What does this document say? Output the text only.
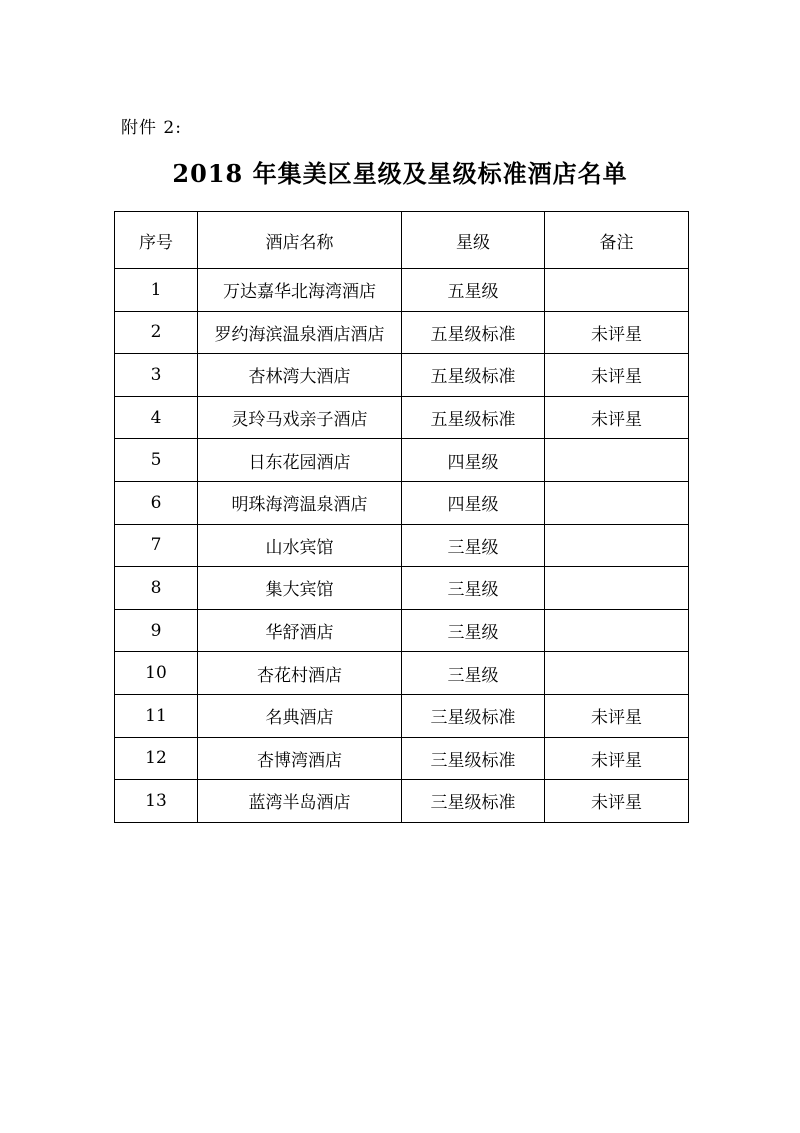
附件 2:
2018 年集美区星级及星级标准酒店名单
序号	酒店名称	星级	备注
1	万达嘉华北海湾酒店	五星级	
2	罗约海滨温泉酒店酒店	五星级标准	未评星
3	杏林湾大酒店	五星级标准	未评星
4	灵玲马戏亲子酒店	五星级标准	未评星
5	日东花园酒店	四星级	
6	明珠海湾温泉酒店	四星级	
7	山水宾馆	三星级	
8	集大宾馆	三星级	
9	华舒酒店	三星级	
10	杏花村酒店	三星级	
11	名典酒店	三星级标准	未评星
12	杏博湾酒店	三星级标准	未评星
13	蓝湾半岛酒店	三星级标准	未评星
